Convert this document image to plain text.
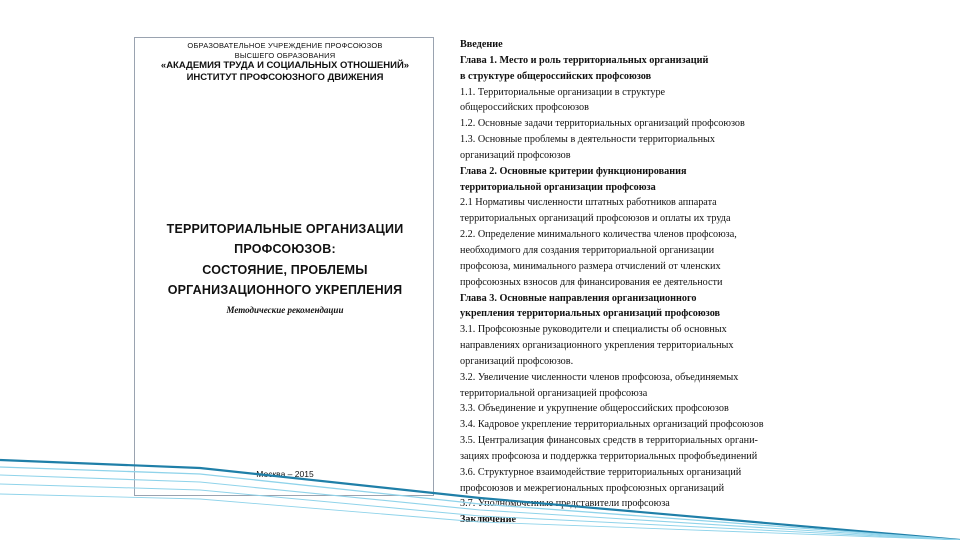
ОБРАЗОВАТЕЛЬНОЕ УЧРЕЖДЕНИЕ ПРОФСОЮЗОВ
ВЫСШЕГО ОБРАЗОВАНИЯ
«АКАДЕМИЯ ТРУДА И СОЦИАЛЬНЫХ ОТНОШЕНИЙ»
ИНСТИТУТ ПРОФСОЮЗНОГО ДВИЖЕНИЯ
ТЕРРИТОРИАЛЬНЫЕ ОРГАНИЗАЦИИ
ПРОФСОЮЗОВ:
СОСТОЯНИЕ, ПРОБЛЕМЫ
ОРГАНИЗАЦИОННОГО УКРЕПЛЕНИЯ
Методические рекомендации
Москва – 2015
Введение
Глава 1. Место и роль территориальных организаций
в структуре общероссийских профсоюзов
1.1. Территориальные организации в структуре
общероссийских профсоюзов
1.2. Основные задачи территориальных организаций профсоюзов
1.3. Основные проблемы в деятельности территориальных
организаций профсоюзов
Глава 2. Основные критерии функционирования
территориальной организации профсоюза
2.1 Нормативы численности штатных работников аппарата
территориальных организаций профсоюзов и оплаты их труда
2.2. Определение минимального количества членов профсоюза,
необходимого для создания территориальной организации
профсоюза, минимального размера отчислений от членских
профсоюзных взносов для финансирования ее деятельности
Глава 3. Основные направления организационного
укрепления территориальных организаций профсоюзов
3.1. Профсоюзные руководители и специалисты об основных
направлениях организационного укрепления территориальных
организаций профсоюзов.
3.2. Увеличение численности членов профсоюза, объединяемых
территориальной организацией профсоюза
3.3. Объединение и укрупнение общероссийских профсоюзов
3.4. Кадровое укрепление территориальных организаций профсоюзов
3.5. Централизация финансовых средств в территориальных органи-
зациях профсоюза и поддержка территориальных профобъединений
3.6. Структурное взаимодействие территориальных организаций
профсоюзов и межрегиональных профсоюзных организаций
3.7. Уполномоченные представители профсоюза
Заключение
